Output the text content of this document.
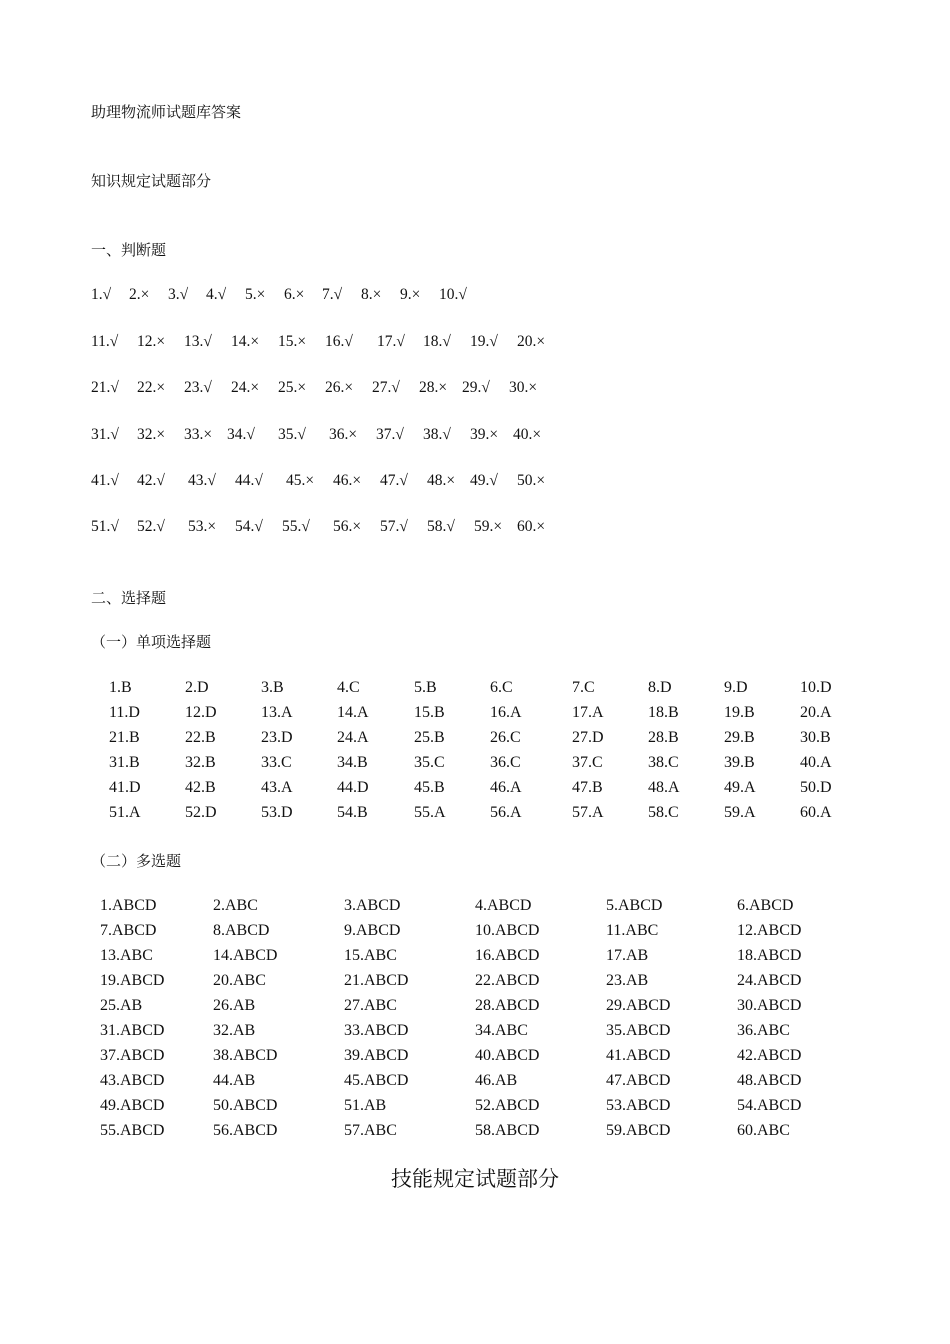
助理物流师试题库答案
知识规定试题部分
一、判断题
1.√ 2.× 3.√ 4.√ 5.× 6.× 7.√ 8.× 9.× 10.√
11.√ 12.× 13.√ 14.× 15.× 16.√ 17.√ 18.√ 19.√ 20.×
21.√ 22.× 23.√ 24.× 25.× 26.× 27.√ 28.× 29.√ 30.×
31.√ 32.× 33.× 34.√ 35.√ 36.× 37.√ 38.√ 39.× 40.×
41.√ 42.√ 43.√ 44.√ 45.× 46.× 47.√ 48.× 49.√ 50.×
51.√ 52.√ 53.× 54.√ 55.√ 56.× 57.√ 58.√ 59.× 60.×
二、选择题
（一）单项选择题
1.B	2.D	3.B	4.C	5.B	6.C	7.C	8.D	9.D	10.D
11.D	12.D	13.A	14.A	15.B	16.A	17.A	18.B	19.B	20.A
21.B	22.B	23.D	24.A	25.B	26.C	27.D	28.B	29.B	30.B
31.B	32.B	33.C	34.B	35.C	36.C	37.C	38.C	39.B	40.A
41.D	42.B	43.A	44.D	45.B	46.A	47.B	48.A	49.A	50.D
51.A	52.D	53.D	54.B	55.A	56.A	57.A	58.C	59.A	60.A
（二）多选题
1.ABCD	2.ABC	3.ABCD	4.ABCD	5.ABCD	6.ABCD
7.ABCD	8.ABCD	9.ABCD	10.ABCD	11.ABC	12.ABCD
13.ABC	14.ABCD	15.ABC	16.ABCD	17.AB	18.ABCD
19.ABCD	20.ABC	21.ABCD	22.ABCD	23.AB	24.ABCD
25.AB	26.AB	27.ABC	28.ABCD	29.ABCD	30.ABCD
31.ABCD	32.AB	33.ABCD	34.ABC	35.ABCD	36.ABC
37.ABCD	38.ABCD	39.ABCD	40.ABCD	41.ABCD	42.ABCD
43.ABCD	44.AB	45.ABCD	46.AB	47.ABCD	48.ABCD
49.ABCD	50.ABCD	51.AB	52.ABCD	53.ABCD	54.ABCD
55.ABCD	56.ABCD	57.ABC	58.ABCD	59.ABCD	60.ABC
技能规定试题部分
